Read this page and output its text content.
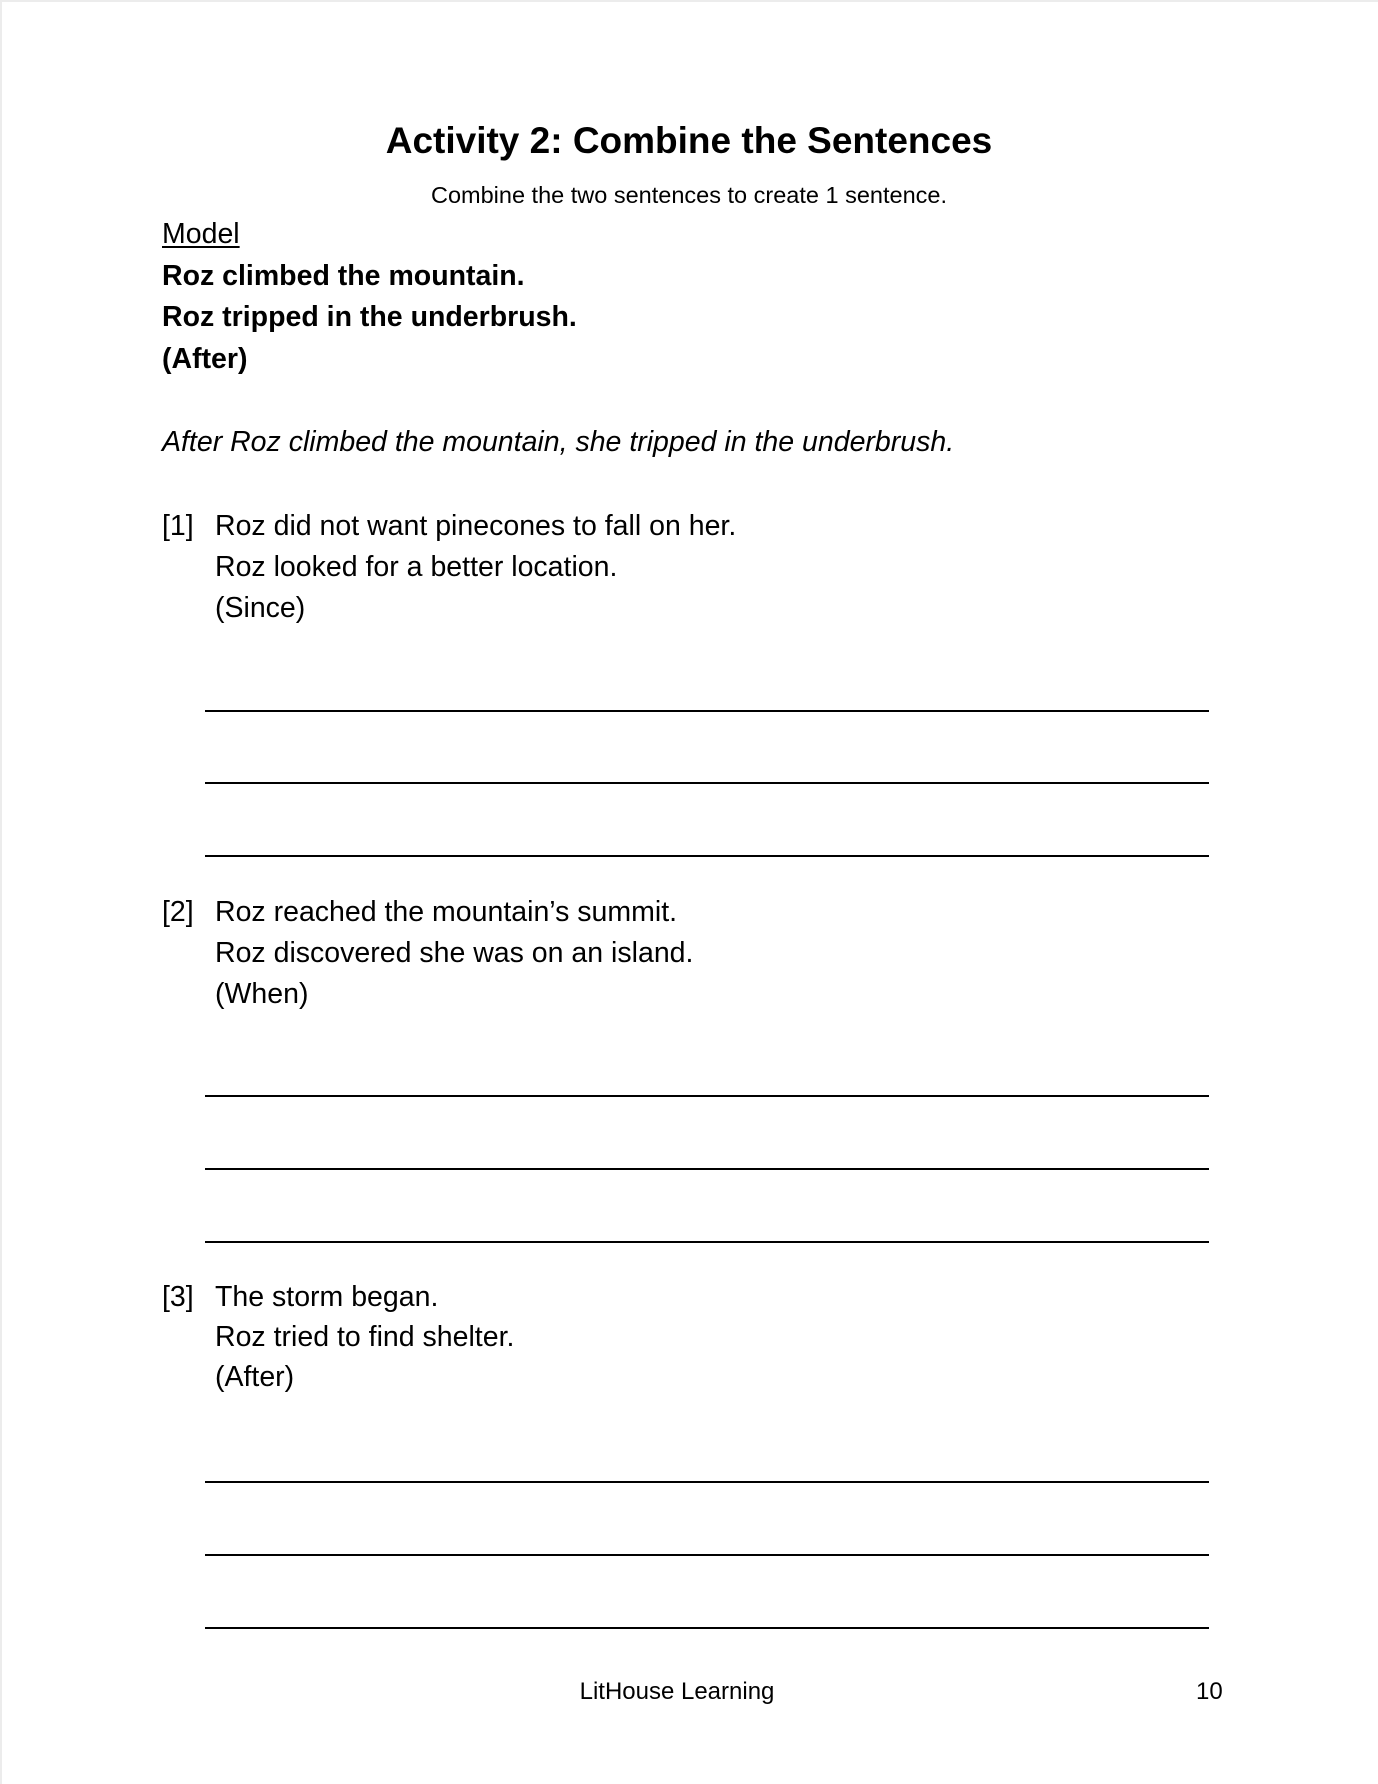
Activity 2: Combine the Sentences
Combine the two sentences to create 1 sentence.
Model
Roz climbed the mountain.
Roz tripped in the underbrush.
(After)
After Roz climbed the mountain, she tripped in the underbrush.
[1] Roz did not want pinecones to fall on her.
Roz looked for a better location.
(Since)
[2] Roz reached the mountain’s summit.
Roz discovered she was on an island.
(When)
[3] The storm began.
Roz tried to find shelter.
(After)
LitHouse Learning	10
